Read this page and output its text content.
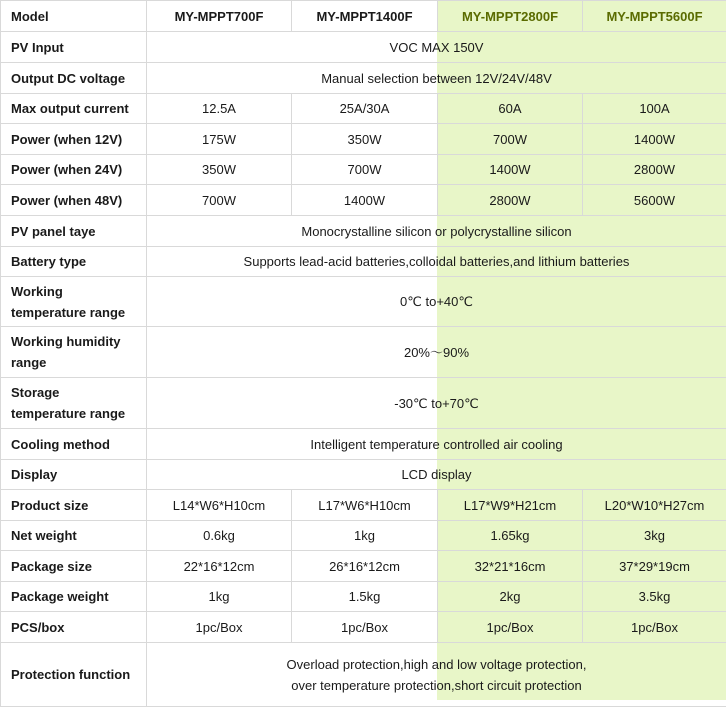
Model	MY-MPPT700F	MY-MPPT1400F	MY-MPPT2800F	MY-MPPT5600F
PV Input	VOC MAX 150V			
Output DC voltage	Manual selection between 12V/24V/48V			
Max output current	12.5A	25A/30A	60A	100A
Power (when 12V)	175W	350W	700W	1400W
Power (when 24V)	350W	700W	1400W	2800W
Power (when 48V)	700W	1400W	2800W	5600W
PV panel taye	Monocrystalline silicon or polycrystalline silicon			
Battery type	Supports lead-acid batteries,colloidal batteries,and lithium batteries			
Working
temperature range	0℃ to+40℃			
Working humidity
range	20%～90%			
Storage
temperature range	-30℃ to+70℃			
Cooling method	Intelligent temperature controlled air cooling			
Display	LCD display			
Product size	L14*W6*H10cm	L17*W6*H10cm	L17*W9*H21cm	L20*W10*H27cm
Net weight	0.6kg	1kg	1.65kg	3kg
Package size	22*16*12cm	26*16*12cm	32*21*16cm	37*29*19cm
Package weight	1kg	1.5kg	2kg	3.5kg
PCS/box	1pc/Box	1pc/Box	1pc/Box	1pc/Box
Protection function	Overload protection,high and low voltage protection,
over temperature protection,short circuit protection			
